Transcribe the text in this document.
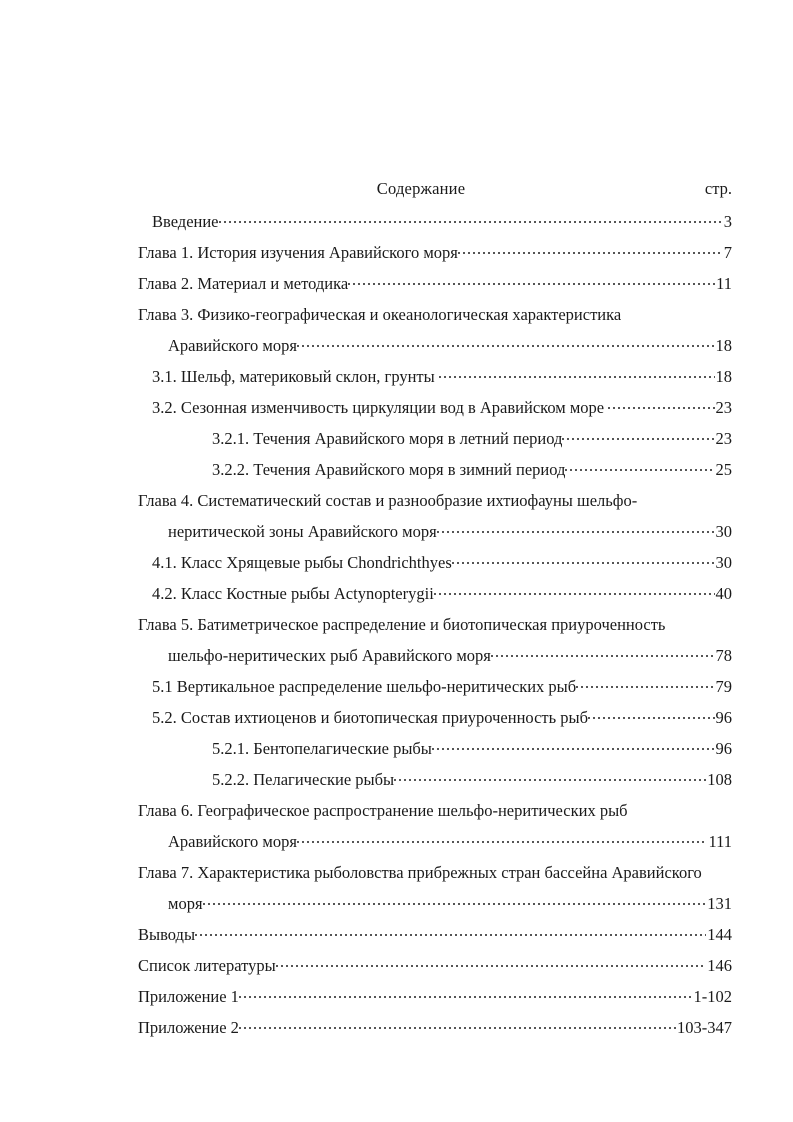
Содержание	стр.
Введение	3
Глава 1. История изучения Аравийского моря	7
Глава 2. Материал и методика	11
Глава 3. Физико-географическая и океанологическая характеристика
Аравийского моря	18
3.1. Шельф, материковый склон, грунты	18
3.2. Сезонная изменчивость циркуляции вод в Аравийском море	23
3.2.1. Течения Аравийского моря в летний период	23
3.2.2. Течения Аравийского моря в зимний период	25
Глава 4. Систематический состав и разнообразие ихтиофауны шельфо-
неритической зоны Аравийского моря	30
4.1. Класс Хрящевые рыбы Chondrichthyes	30
4.2. Класс Костные рыбы Actynopterygii	40
Глава 5. Батиметрическое распределение и биотопическая приуроченность
шельфо-неритических рыб Аравийского моря	78
5.1 Вертикальное распределение шельфо-неритических рыб	79
5.2. Состав ихтиоценов и биотопическая приуроченность рыб	96
5.2.1. Бентопелагические рыбы	96
5.2.2. Пелагические рыбы	108
Глава 6. Географическое распространение шельфо-неритических рыб
Аравийского моря	111
Глава 7. Характеристика рыболовства прибрежных стран бассейна Аравийского
моря	131
Выводы	144
Список литературы	146
Приложение 1	1-102
Приложение 2	103-347
